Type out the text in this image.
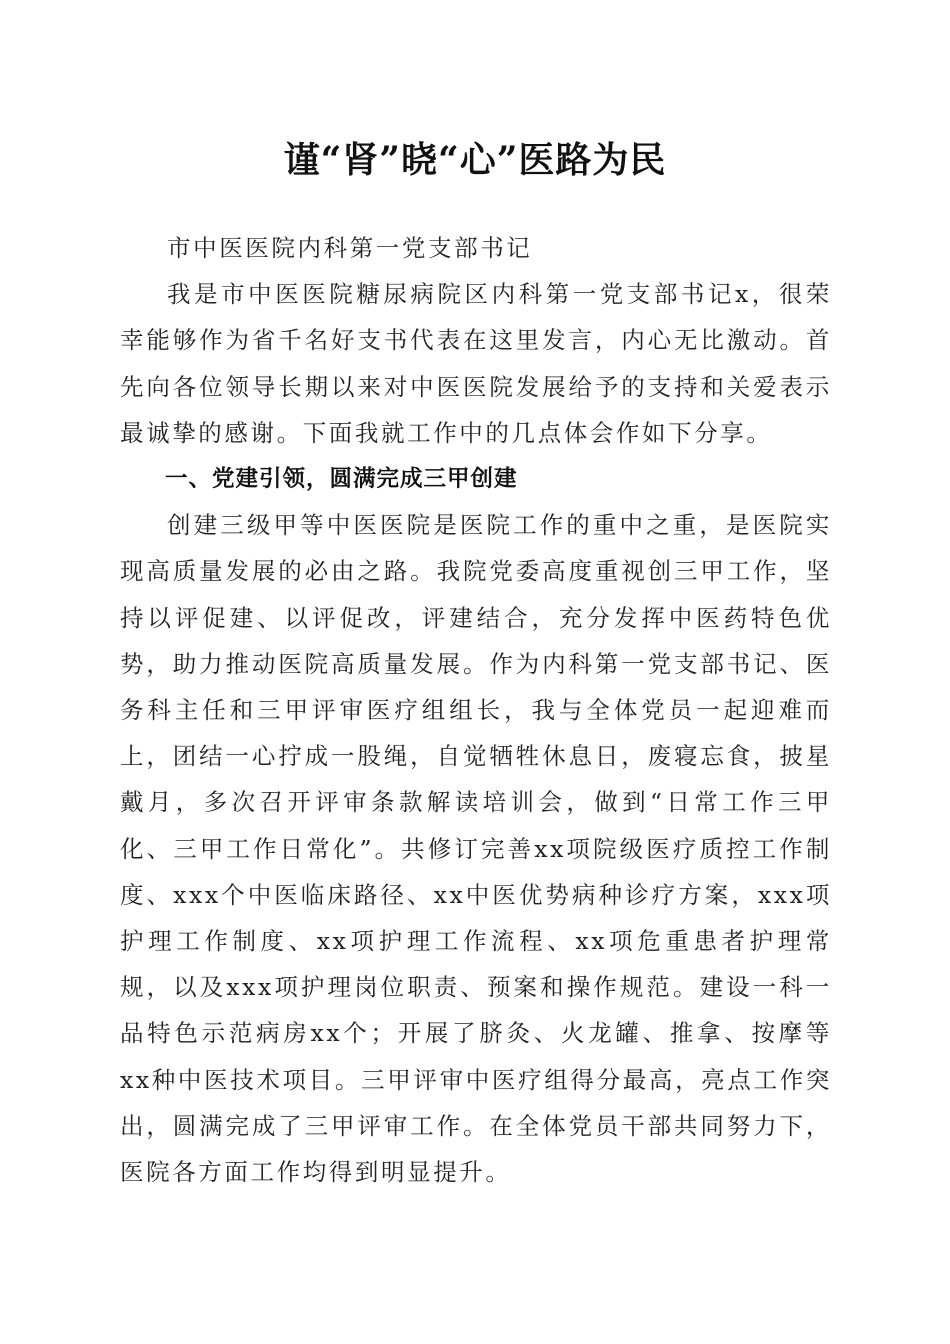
谨“肾”晓“心”医路为民

市中医医院内科第一党支部书记

我是市中医医院糖尿病院区内科第一党支部书记x，很荣幸能够作为省千名好支书代表在这里发言，内心无比激动。首先向各位领导长期以来对中医医院发展给予的支持和关爱表示最诚挚的感谢。下面我就工作中的几点体会作如下分享。

一、党建引领，圆满完成三甲创建

创建三级甲等中医医院是医院工作的重中之重，是医院实现高质量发展的必由之路。我院党委高度重视创三甲工作，坚持以评促建、以评促改，评建结合，充分发挥中医药特色优势，助力推动医院高质量发展。作为内科第一党支部书记、医务科主任和三甲评审医疗组组长，我与全体党员一起迎难而上，团结一心拧成一股绳，自觉牺牲休息日，废寝忘食，披星戴月，多次召开评审条款解读培训会，做到“日常工作三甲化、三甲工作日常化”。共修订完善xx项院级医疗质控工作制度、xxx个中医临床路径、xx中医优势病种诊疗方案，xxx项护理工作制度、xx项护理工作流程、xx项危重患者护理常规，以及xxx项护理岗位职责、预案和操作规范。建设一科一品特色示范病房xx个；开展了脐灸、火龙罐、推拿、按摩等xx种中医技术项目。三甲评审中医疗组得分最高，亮点工作突出，圆满完成了三甲评审工作。在全体党员干部共同努力下，医院各方面工作均得到明显提升。
